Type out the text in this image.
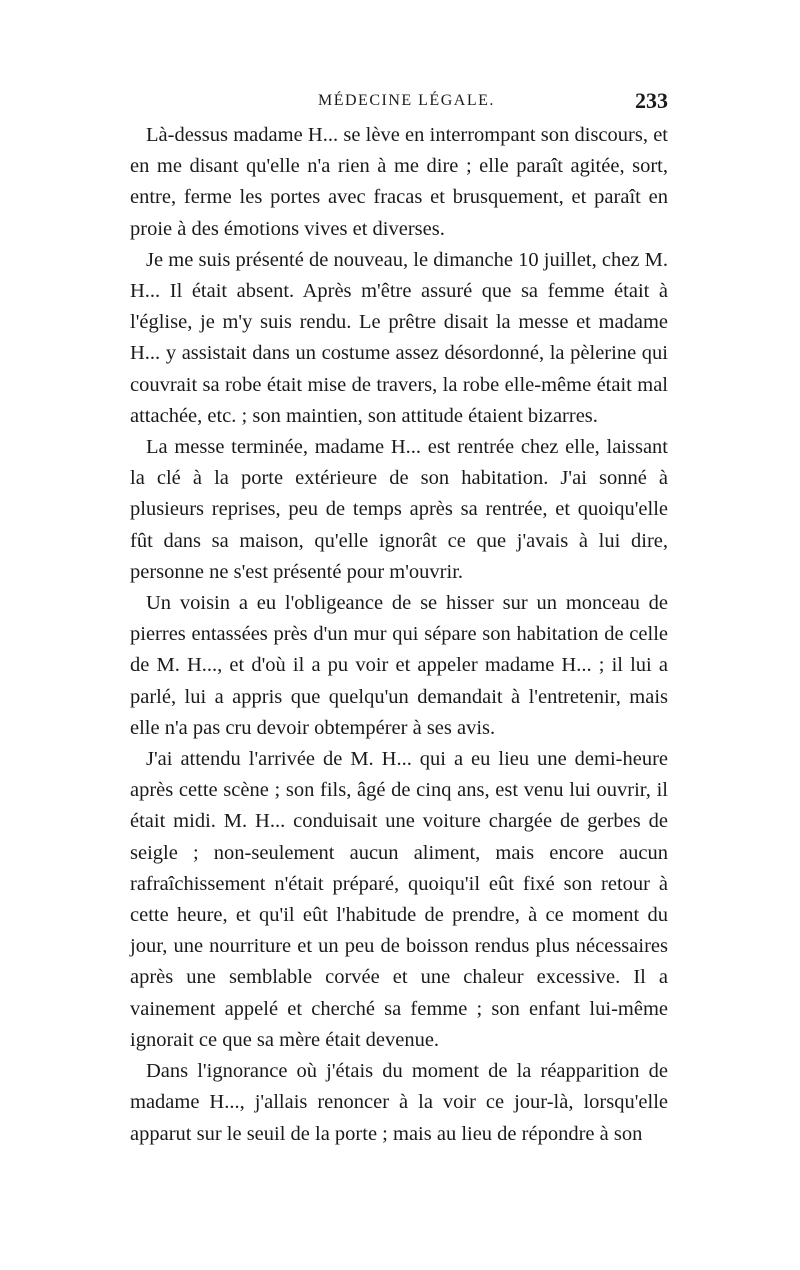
MÉDECINE LÉGALE.	233

Là-dessus madame H... se lève en interrompant son discours, et en me disant qu'elle n'a rien à me dire ; elle paraît agitée, sort, entre, ferme les portes avec fracas et brusquement, et paraît en proie à des émotions vives et diverses.

Je me suis présenté de nouveau, le dimanche 10 juillet, chez M. H... Il était absent. Après m'être assuré que sa femme était à l'église, je m'y suis rendu. Le prêtre disait la messe et madame H... y assistait dans un costume assez désordonné, la pèlerine qui couvrait sa robe était mise de travers, la robe elle-même était mal attachée, etc. ; son maintien, son attitude étaient bizarres.

La messe terminée, madame H... est rentrée chez elle, laissant la clé à la porte extérieure de son habitation. J'ai sonné à plusieurs reprises, peu de temps après sa rentrée, et quoiqu'elle fût dans sa maison, qu'elle ignorât ce que j'avais à lui dire, personne ne s'est présenté pour m'ouvrir.

Un voisin a eu l'obligeance de se hisser sur un monceau de pierres entassées près d'un mur qui sépare son habitation de celle de M. H..., et d'où il a pu voir et appeler madame H... ; il lui a parlé, lui a appris que quelqu'un demandait à l'entretenir, mais elle n'a pas cru devoir obtempérer à ses avis.

J'ai attendu l'arrivée de M. H... qui a eu lieu une demi-heure après cette scène ; son fils, âgé de cinq ans, est venu lui ouvrir, il était midi. M. H... conduisait une voiture chargée de gerbes de seigle ; non-seulement aucun aliment, mais encore aucun rafraîchissement n'était préparé, quoiqu'il eût fixé son retour à cette heure, et qu'il eût l'habitude de prendre, à ce moment du jour, une nourriture et un peu de boisson rendus plus nécessaires après une semblable corvée et une chaleur excessive. Il a vainement appelé et cherché sa femme ; son enfant lui-même ignorait ce que sa mère était devenue.

Dans l'ignorance où j'étais du moment de la réapparition de madame H..., j'allais renoncer à la voir ce jour-là, lorsqu'elle apparut sur le seuil de la porte ; mais au lieu de répondre à son
